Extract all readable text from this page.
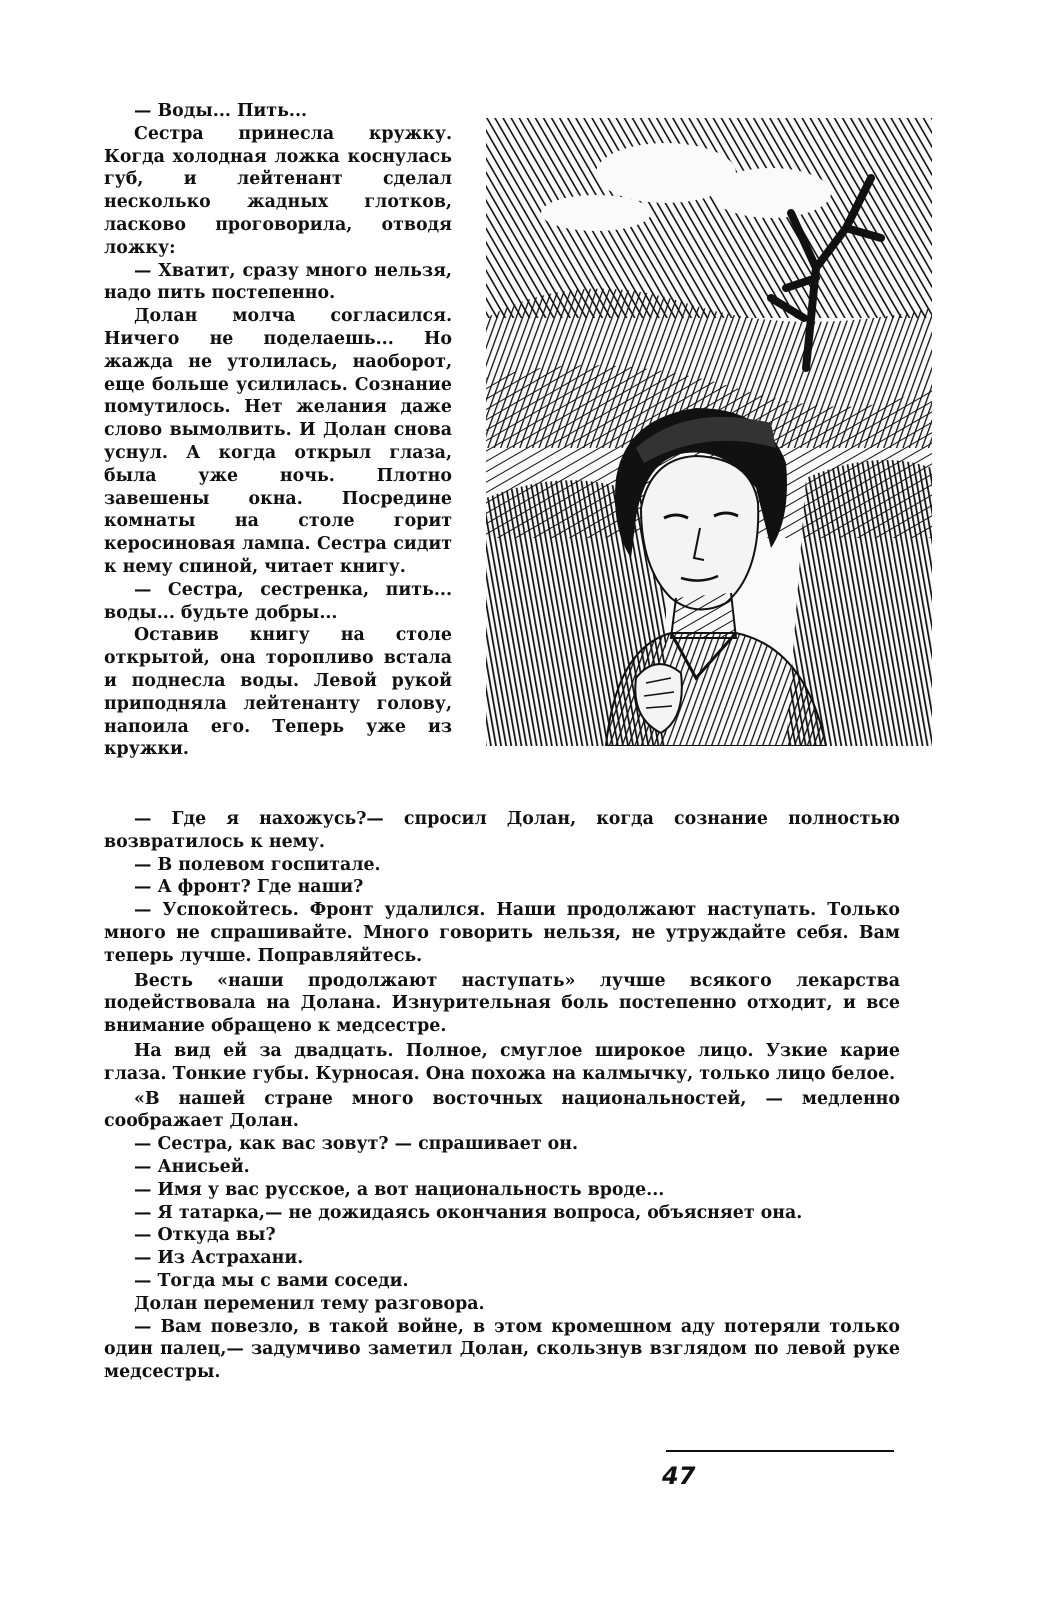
— Воды... Пить...

Сестра принесла кружку. Когда холодная ложка коснулась губ, и лейтенант сделал несколько жадных глотков, ласково проговорила, отводя ложку:

— Хватит, сразу много нельзя, надо пить постепенно.

Долан молча согласился. Ничего не поделаешь... Но жажда не утолилась, наоборот, еще больше усилилась. Сознание помутилось. Нет желания даже слово вымолвить. И Долан снова уснул. А когда открыл глаза, была уже ночь. Плотно завешены окна. Посредине комнаты на столе горит керосиновая лампа. Сестра сидит к нему спиной, читает книгу.

— Сестра, сестренка, пить... воды... будьте добры...

Оставив книгу на столе открытой, она торопливо встала и поднесла воды. Левой рукой приподняла лейтенанту голову, напоила его. Теперь уже из кружки.

— Где я нахожусь?— спросил Долан, когда сознание полностью возвратилось к нему.

— В полевом госпитале.

— А фронт? Где наши?

— Успокойтесь. Фронт удалился. Наши продолжают наступать. Только много не спрашивайте. Много говорить нельзя, не утруждайте себя. Вам теперь лучше. Поправляйтесь.

Весть «наши продолжают наступать» лучше всякого лекарства подействовала на Долана. Изнурительная боль постепенно отходит, и все внимание обращено к медсестре.

На вид ей за двадцать. Полное, смуглое широкое лицо. Узкие карие глаза. Тонкие губы. Курносая. Она похожа на калмычку, только лицо белое.

«В нашей стране много восточных национальностей, — медленно соображает Долан.

— Сестра, как вас зовут? — спрашивает он.

— Анисьей.

— Имя у вас русское, а вот национальность вроде...

— Я татарка,— не дожидаясь окончания вопроса, объясняет она.

— Откуда вы?

— Из Астрахани.

— Тогда мы с вами соседи.

Долан переменил тему разговора.

— Вам повезло, в такой войне, в этом кромешном аду потеряли только один палец,— задумчиво заметил Долан, скользнув взглядом по левой руке медсестры.

47
